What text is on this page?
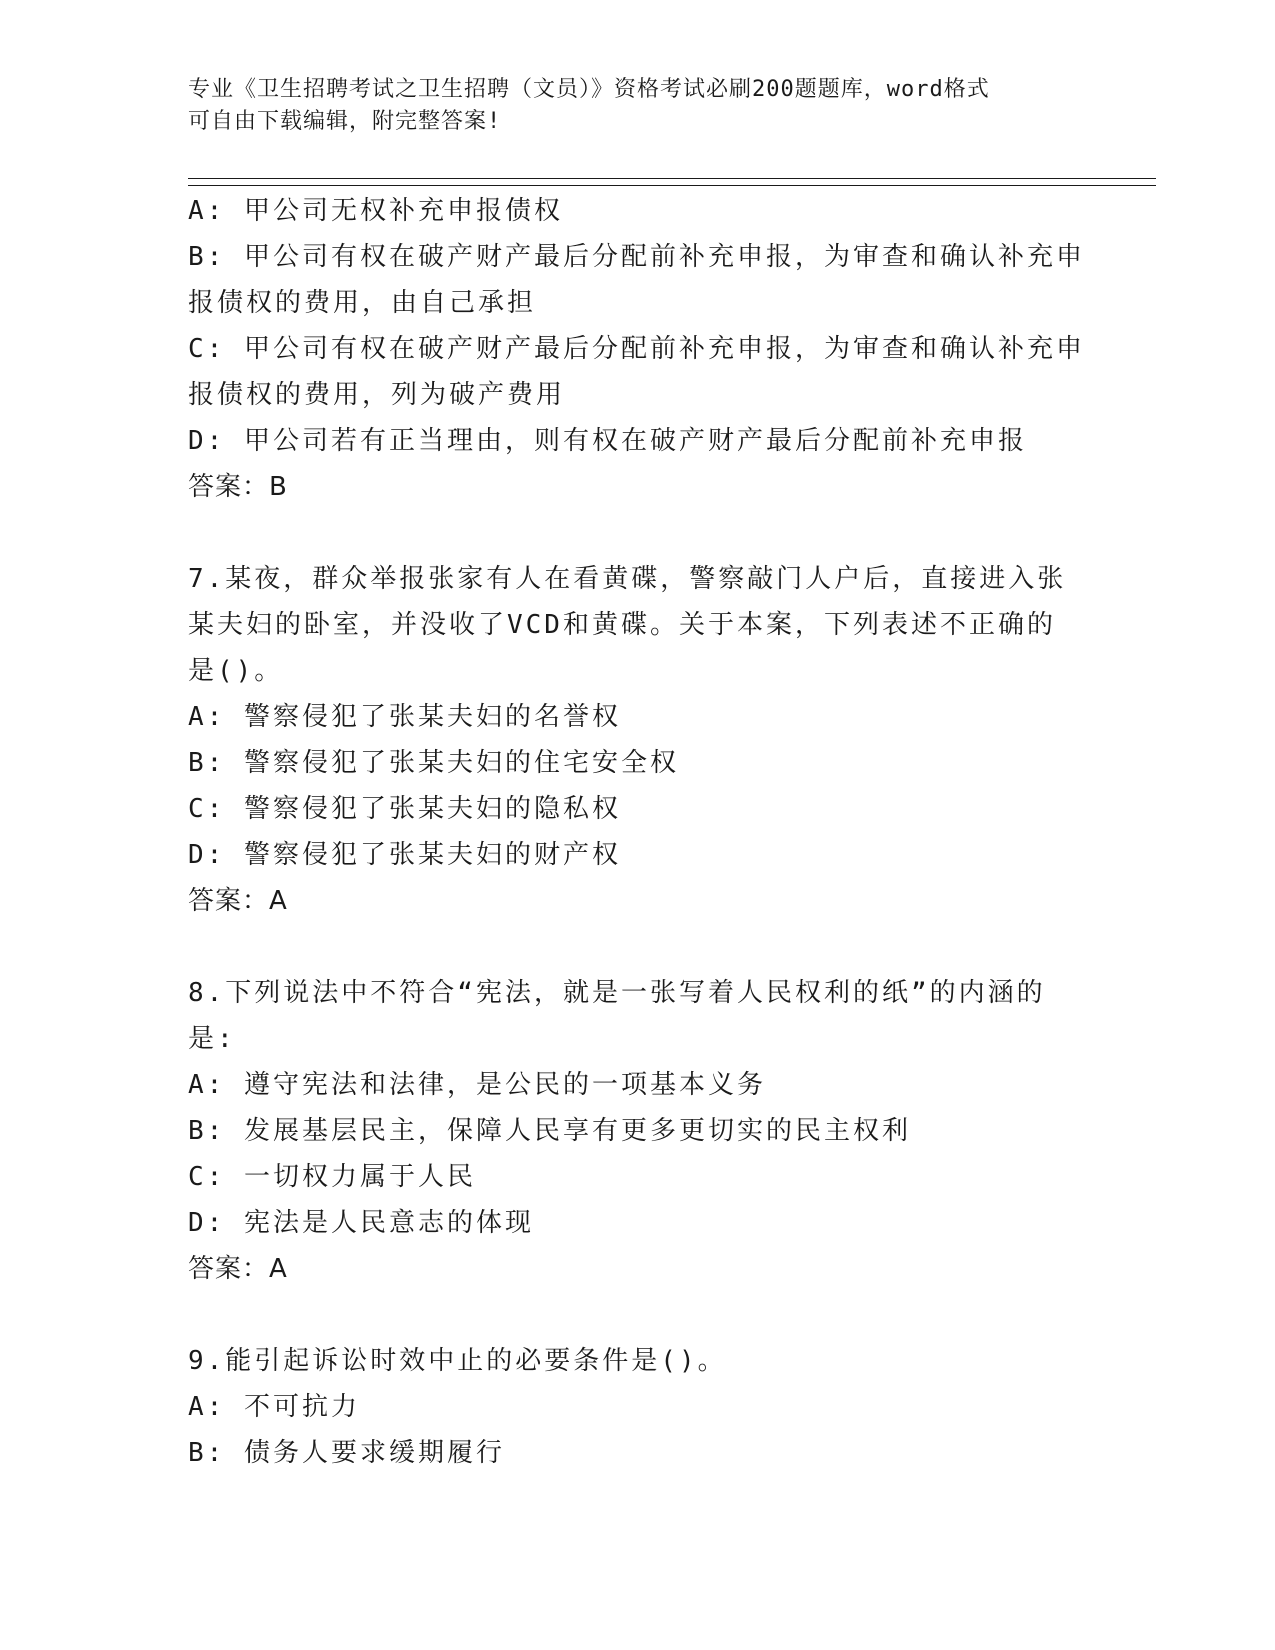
专业《卫生招聘考试之卫生招聘（文员）》资格考试必刷200题题库，word格式

可自由下载编辑，附完整答案!

A: 甲公司无权补充申报债权

B: 甲公司有权在破产财产最后分配前补充申报，为审查和确认补充申

报债权的费用，由自己承担

C: 甲公司有权在破产财产最后分配前补充申报，为审查和确认补充申

报债权的费用，列为破产费用

D: 甲公司若有正当理由，则有权在破产财产最后分配前补充申报

答案：B

7.某夜，群众举报张家有人在看黄碟，警察敲门人户后，直接进入张

某夫妇的卧室，并没收了VCD和黄碟。关于本案，下列表述不正确的

是()。

A: 警察侵犯了张某夫妇的名誉权

B: 警察侵犯了张某夫妇的住宅安全权

C: 警察侵犯了张某夫妇的隐私权

D: 警察侵犯了张某夫妇的财产权

答案：A

8.下列说法中不符合“宪法，就是一张写着人民权利的纸”的内涵的

是:

A: 遵守宪法和法律，是公民的一项基本义务

B: 发展基层民主，保障人民享有更多更切实的民主权利

C: 一切权力属于人民

D: 宪法是人民意志的体现

答案：A

9.能引起诉讼时效中止的必要条件是()。

A: 不可抗力

B: 债务人要求缓期履行
